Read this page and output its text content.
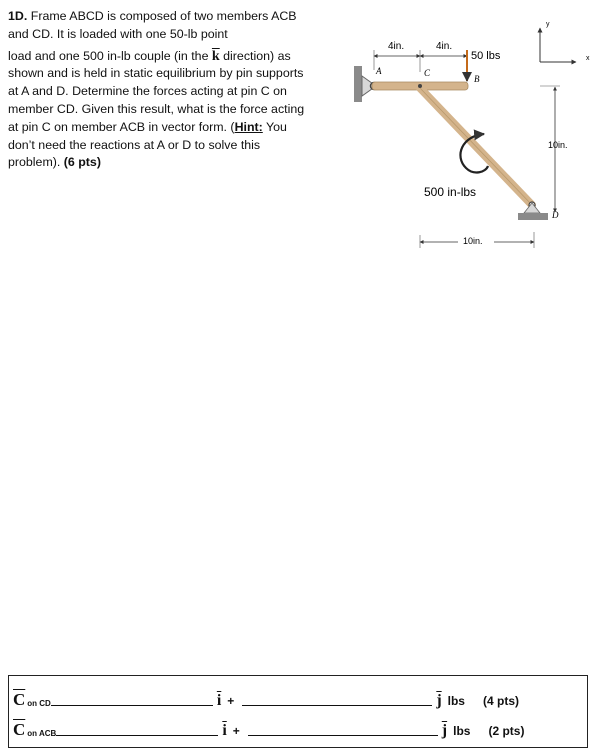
1D. Frame ABCD is composed of two members ACB and CD. It is loaded with one 50-lb point

load and one 500 in-lb couple (in the $\overline{k}$ direction) as shown and is held in static equilibrium by pin supports at A and D. Determine the forces acting at pin C on member CD. Given this result, what is the force acting at pin C on member ACB in vector form. (Hint: You don’t need the reactions at A or D to solve this problem). (6 pts)

A	C
B
D
4in.	4in.
50 lbs
500 in-lbs
10in.
10in.
y
x
$\overline{C}$ on CD	$\overline{i}$ +	$\overline{j}$ lbs (4 pts)
$\overline{C}$ on ACB	$\overline{i}$ +	$\overline{j}$ lbs (2 pts)
